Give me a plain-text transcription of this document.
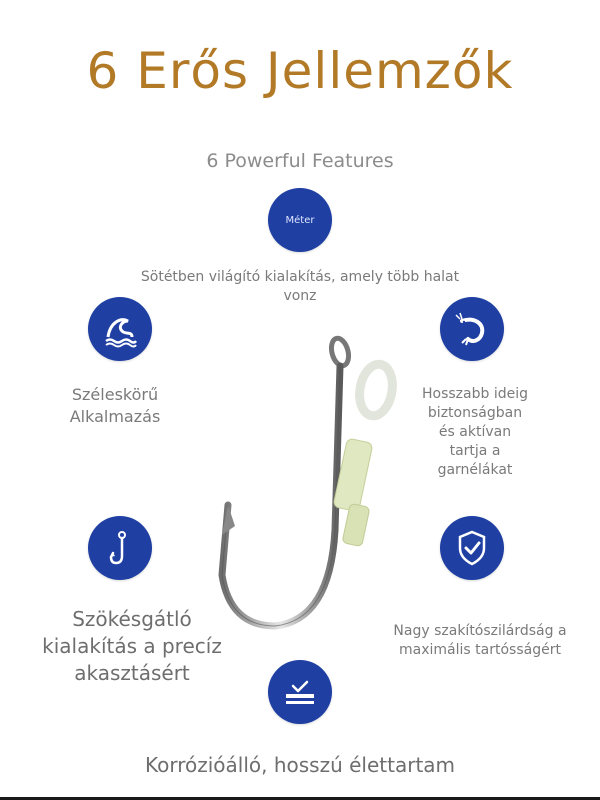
6 Erős Jellemzők
6 Powerful Features
Méter
Sötétben világító kialakítás, amely több halat vonz
Széleskörű Alkalmazás
Hosszabb ideig biztonságban és aktívan tartja a garnélákat
Szökésgátló kialakítás a precíz akasztásért
Nagy szakítószilárdság a maximális tartósságért
Korrózióálló, hosszú élettartam
